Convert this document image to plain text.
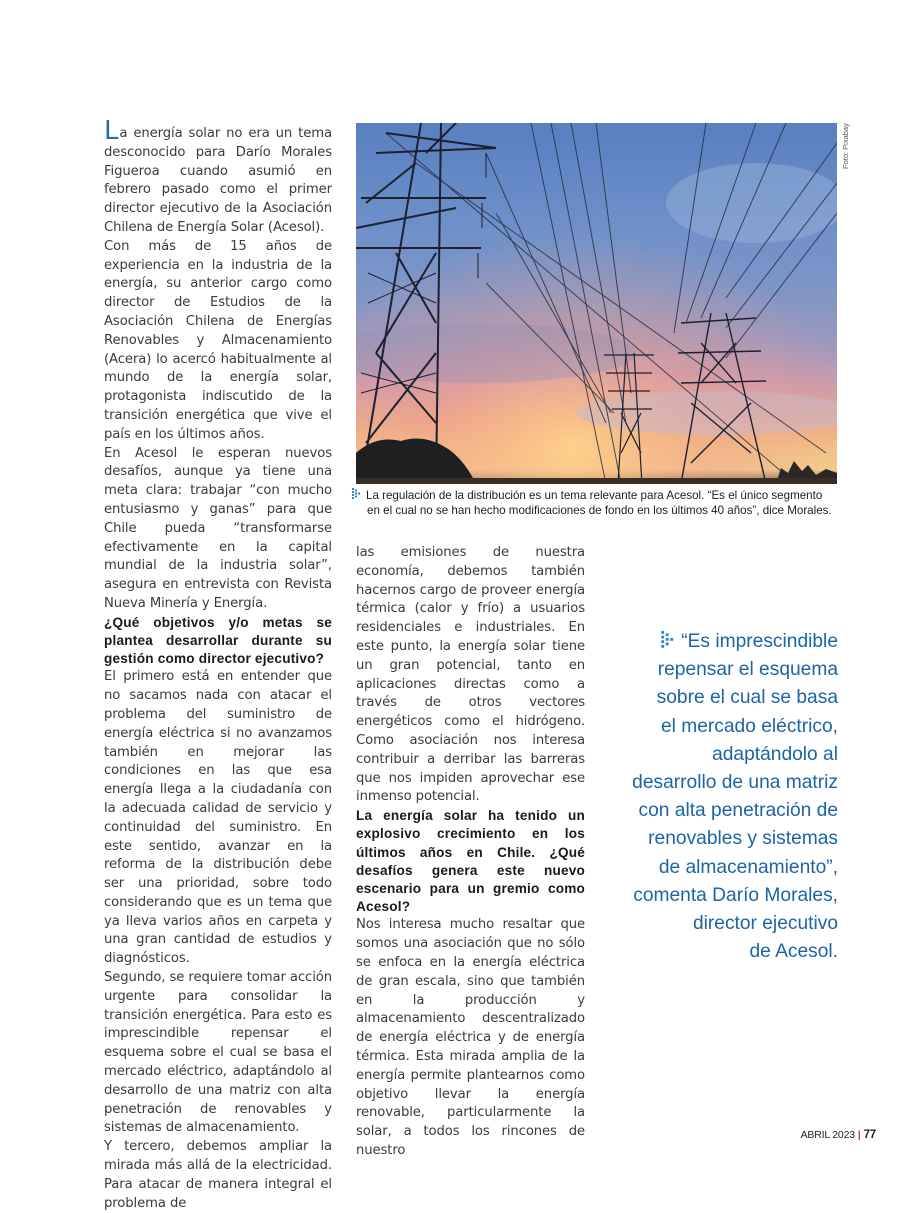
La energía solar no era un tema desconocido para Darío Morales Figueroa cuando asumió en febrero pasado como el primer director ejecutivo de la Asociación Chilena de Energía Solar (Acesol).

Con más de 15 años de experiencia en la industria de la energía, su anterior cargo como director de Estudios de la Asociación Chilena de Energías Renovables y Almacenamiento (Acera) lo acercó habitualmente al mundo de la energía solar, protagonista indiscutido de la transición energética que vive el país en los últimos años.

En Acesol le esperan nuevos desafíos, aunque ya tiene una meta clara: trabajar “con mucho entusiasmo y ganas” para que Chile pueda “transformarse efectivamente en la capital mundial de la industria solar”, asegura en entrevista con Revista Nueva Minería y Energía.

¿Qué objetivos y/o metas se plantea desarrollar durante su gestión como director ejecutivo?

El primero está en entender que no sacamos nada con atacar el problema del suministro de energía eléctrica si no avanzamos también en mejorar las condiciones en las que esa energía llega a la ciudadanía con la adecuada calidad de servicio y continuidad del suministro. En este sentido, avanzar en la reforma de la distribución debe ser una prioridad, sobre todo considerando que es un tema que ya lleva varios años en carpeta y una gran cantidad de estudios y diagnósticos.

Segundo, se requiere tomar acción urgente para consolidar la transición energética. Para esto es imprescindible repensar el esquema sobre el cual se basa el mercado eléctrico, adaptándolo al desarrollo de una matriz con alta penetración de renovables y sistemas de almacenamiento.

Y tercero, debemos ampliar la mirada más allá de la electricidad. Para atacar de manera integral el problema de

Foto: Pixabay
La regulación de la distribución es un tema relevante para Acesol. “Es el único segmento
en el cual no se han hecho modificaciones de fondo en los últimos 40 años”, dice Morales.

las emisiones de nuestra economía, debemos también hacernos cargo de proveer energía térmica (calor y frío) a usuarios residenciales e industriales. En este punto, la energía solar tiene un gran potencial, tanto en aplicaciones directas como a través de otros vectores energéticos como el hidrógeno. Como asociación nos interesa contribuir a derribar las barreras que nos impiden aprovechar ese inmenso potencial.

La energía solar ha tenido un explosivo crecimiento en los últimos años en Chile. ¿Qué desafíos genera este nuevo escenario para un gremio como Acesol?

Nos interesa mucho resaltar que somos una asociación que no sólo se enfoca en la energía eléctrica de gran escala, sino que también en la producción y almacenamiento descentralizado de energía eléctrica y de energía térmica. Esta mirada amplia de la energía permite plantearnos como objetivo llevar la energía renovable, particularmente la solar, a todos los rincones de nuestro

“Es imprescindible
repensar el esquema
sobre el cual se basa
el mercado eléctrico,
adaptándolo al
desarrollo de una matriz
con alta penetración de
renovables y sistemas
de almacenamiento”,
comenta Darío Morales,
director ejecutivo
de Acesol.
ABRIL 2023 | 77
